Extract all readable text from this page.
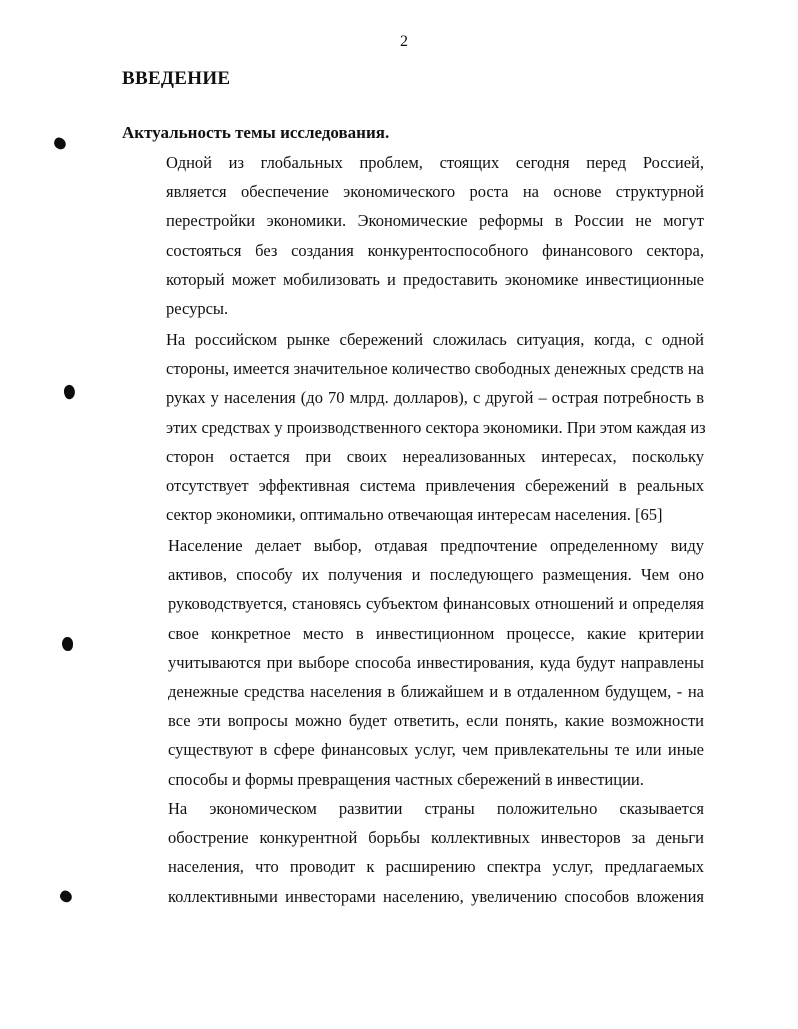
2
ВВЕДЕНИЕ
Актуальность темы исследования.
Одной из глобальных проблем, стоящих сегодня перед Россией,
является обеспечение экономического роста на основе структурной
перестройки экономики. Экономические реформы в России не могут
состояться без создания конкурентоспособного финансового сектора,
который может мобилизовать и предоставить экономике инвестиционные
ресурсы.
На российском рынке сбережений сложилась ситуация, когда, с одной
стороны, имеется значительное количество свободных денежных средств на
руках у населения (до 70 млрд. долларов), с другой – острая потребность в
этих средствах у производственного сектора экономики. При этом каждая из
сторон остается при своих нереализованных интересах, поскольку
отсутствует эффективная система привлечения сбережений в реальных
сектор экономики, оптимально отвечающая интересам населения. [65]
Население делает выбор, отдавая предпочтение определенному виду
активов, способу их получения и последующего размещения. Чем оно
руководствуется, становясь субъектом финансовых отношений и определяя
свое конкретное место в инвестиционном процессе, какие критерии
учитываются при выборе способа инвестирования, куда будут направлены
денежные средства населения в ближайшем и в отдаленном будущем, - на
все эти вопросы можно будет ответить, если понять, какие возможности
существуют в сфере финансовых услуг, чем привлекательны те или иные
способы и формы превращения частных сбережений в инвестиции.
На экономическом развитии страны положительно сказывается
обострение конкурентной борьбы коллективных инвесторов за деньги
населения, что проводит к расширению спектра услуг, предлагаемых
коллективными инвесторами населению, увеличению способов вложения
